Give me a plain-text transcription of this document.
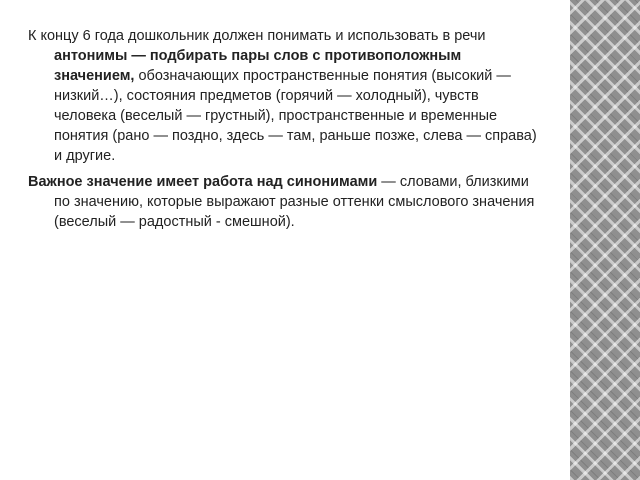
К концу 6 года дошкольник должен понимать и использовать в речи антонимы — подбирать пары слов с противоположным значением, обозначающих пространственные понятия (высокий — низкий…), состояния предметов (горячий — холодный), чувств человека (веселый — грустный), пространственные и временные понятия (рано — поздно, здесь — там, раньше позже, слева — справа) и другие.

Важное значение имеет работа над синонимами — словами, близкими по значению, которые выражают разные оттенки смыслового значения (веселый — радостный - смешной).
